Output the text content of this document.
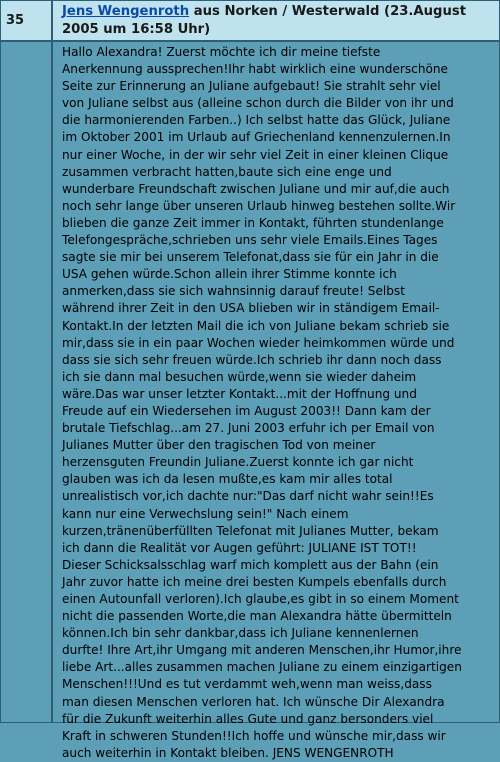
35
Jens Wengenroth aus Norken / Westerwald (23.August
2005 um 16:58 Uhr)
Hallo Alexandra! Zuerst möchte ich dir meine tiefste
Anerkennung aussprechen!Ihr habt wirklich eine wunderschöne
Seite zur Erinnerung an Juliane aufgebaut! Sie strahlt sehr viel
von Juliane selbst aus (alleine schon durch die Bilder von ihr und
die harmonierenden Farben..) Ich selbst hatte das Glück, Juliane
im Oktober 2001 im Urlaub auf Griechenland kennenzulernen.In
nur einer Woche, in der wir sehr viel Zeit in einer kleinen Clique
zusammen verbracht hatten,baute sich eine enge und
wunderbare Freundschaft zwischen Juliane und mir auf,die auch
noch sehr lange über unseren Urlaub hinweg bestehen sollte.Wir
blieben die ganze Zeit immer in Kontakt, führten stundenlange
Telefongespräche,schrieben uns sehr viele Emails.Eines Tages
sagte sie mir bei unserem Telefonat,dass sie für ein Jahr in die
USA gehen würde.Schon allein ihrer Stimme konnte ich
anmerken,dass sie sich wahnsinnig darauf freute! Selbst
während ihrer Zeit in den USA blieben wir in ständigem Email-
Kontakt.In der letzten Mail die ich von Juliane bekam schrieb sie
mir,dass sie in ein paar Wochen wieder heimkommen würde und
dass sie sich sehr freuen würde.Ich schrieb ihr dann noch dass
ich sie dann mal besuchen würde,wenn sie wieder daheim
wäre.Das war unser letzter Kontakt...mit der Hoffnung und
Freude auf ein Wiedersehen im August 2003!! Dann kam der
brutale Tiefschlag...am 27. Juni 2003 erfuhr ich per Email von
Julianes Mutter über den tragischen Tod von meiner
herzensguten Freundin Juliane.Zuerst konnte ich gar nicht
glauben was ich da lesen mußte,es kam mir alles total
unrealistisch vor,ich dachte nur:"Das darf nicht wahr sein!!Es
kann nur eine Verwechslung sein!" Nach einem
kurzen,tränenüberfüllten Telefonat mit Julianes Mutter, bekam
ich dann die Realität vor Augen geführt: JULIANE IST TOT!!
Dieser Schicksalsschlag warf mich komplett aus der Bahn (ein
Jahr zuvor hatte ich meine drei besten Kumpels ebenfalls durch
einen Autounfall verloren).Ich glaube,es gibt in so einem Moment
nicht die passenden Worte,die man Alexandra hätte übermitteln
können.Ich bin sehr dankbar,dass ich Juliane kennenlernen
durfte! Ihre Art,ihr Umgang mit anderen Menschen,ihr Humor,ihre
liebe Art...alles zusammen machen Juliane zu einem einzigartigen
Menschen!!!Und es tut verdammt weh,wenn man weiss,dass
man diesen Menschen verloren hat. Ich wünsche Dir Alexandra
für die Zukunft weiterhin alles Gute und ganz bersonders viel
Kraft in schweren Stunden!!Ich hoffe und wünsche mir,dass wir
auch weiterhin in Kontakt bleiben. JENS WENGENROTH
